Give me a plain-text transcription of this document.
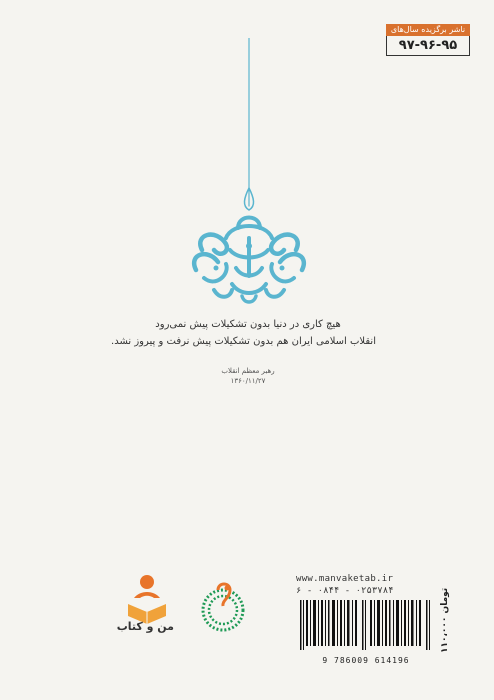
ناشر برگزیده سال‌های
۹۷-۹۶-۹۵
هیچ کاری در دنیا بدون تشکیلات پیش نمی‌رود
انقلاب اسلامی ایران هم بدون تشکیلات پیش نرفت و پیروز نشد.
رهبر معظم انقلاب
۱۳۶۰/۱۱/۲۷
من و کتاب
www.manvaketab.ir
۶ - ۰۸۴۴ - ۰۲۵۳۷۸۴
9 786009 614196
۱۱۰،۰۰۰ تومان
